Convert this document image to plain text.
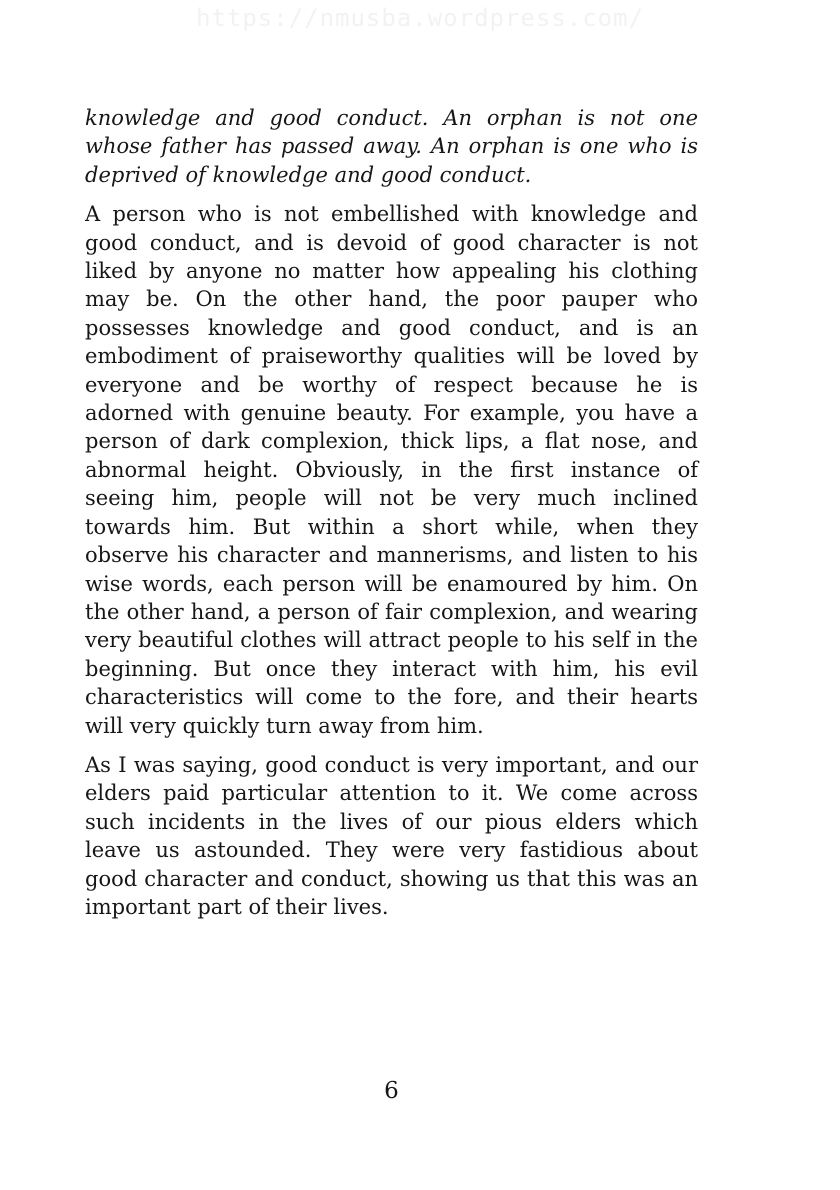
https://nmusba.wordpress.com/

knowledge and good conduct. An orphan is not one whose father has passed away. An orphan is one who is deprived of knowledge and good conduct.

A person who is not embellished with knowledge and good conduct, and is devoid of good character is not liked by anyone no matter how appealing his clothing may be. On the other hand, the poor pauper who possesses knowledge and good conduct, and is an embodiment of praiseworthy qualities will be loved by everyone and be worthy of respect because he is adorned with genuine beauty. For example, you have a person of dark complexion, thick lips, a flat nose, and abnormal height. Obviously, in the first instance of seeing him, people will not be very much inclined towards him. But within a short while, when they observe his character and mannerisms, and listen to his wise words, each person will be enamoured by him. On the other hand, a person of fair complexion, and wearing very beautiful clothes will attract people to his self in the beginning. But once they interact with him, his evil characteristics will come to the fore, and their hearts will very quickly turn away from him.

As I was saying, good conduct is very important, and our elders paid particular attention to it. We come across such incidents in the lives of our pious elders which leave us astounded. They were very fastidious about good character and conduct, showing us that this was an important part of their lives.

6
